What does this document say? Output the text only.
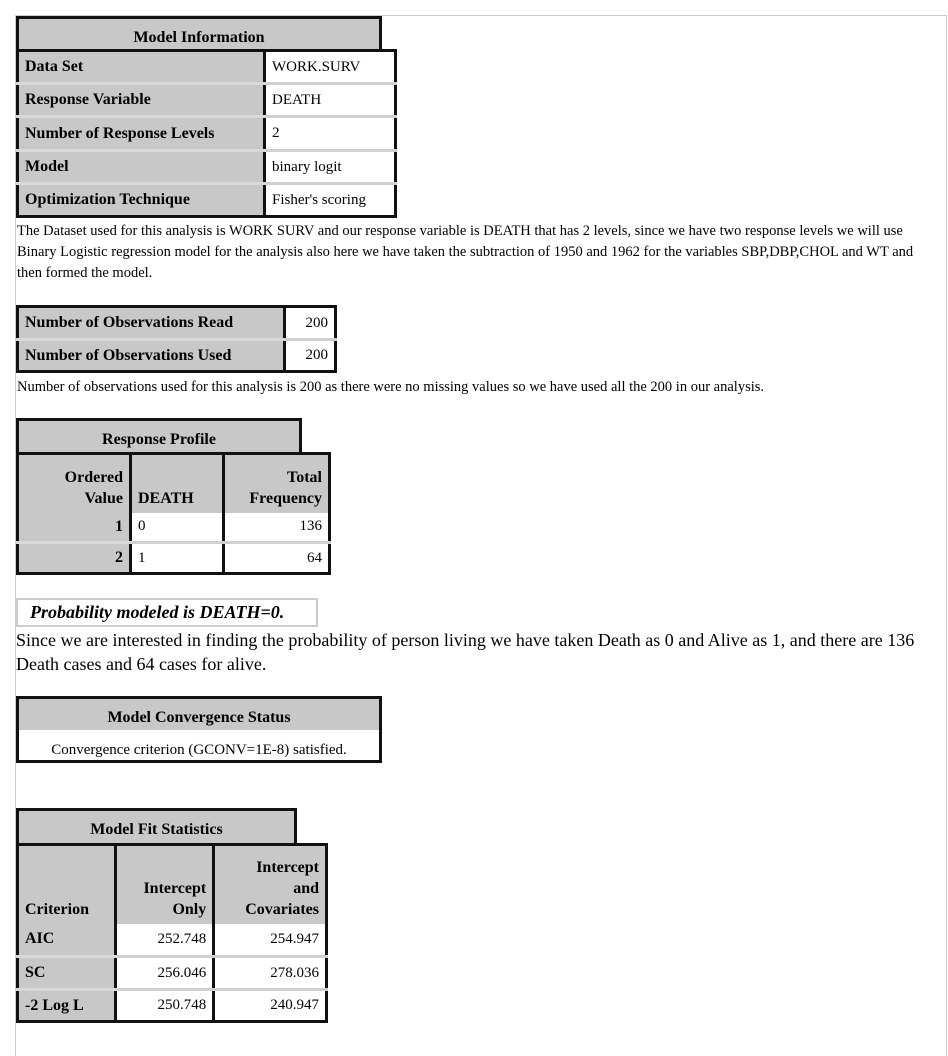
Model Information
Data Set	WORK.SURV
Response Variable	DEATH
Number of Response Levels	2
Model	binary logit
Optimization Technique	Fisher's scoring

The Dataset used for this analysis is WORK SURV and our response variable is DEATH that has 2 levels, since we have two response levels we will use Binary Logistic regression model for the analysis also here we have taken the subtraction of 1950 and 1962 for the variables SBP,DBP,CHOL and WT and then formed the model.

Number of Observations Read	200
Number of Observations Used	200

Number of observations used for this analysis is 200 as there were no missing values so we have used all the 200 in our analysis.

Response Profile
Ordered Value	DEATH	Total Frequency
1	0	136
2	1	64
Probability modeled is DEATH=0.

Since we are interested in finding the probability of person living we have taken Death as 0 and Alive as 1, and there are 136 Death cases and 64 cases for alive.

Model Convergence Status
Convergence criterion (GCONV=1E-8) satisfied.
Model Fit Statistics
Criterion	Intercept Only	Intercept and Covariates
AIC	252.748	254.947
SC	256.046	278.036
-2 Log L	250.748	240.947
